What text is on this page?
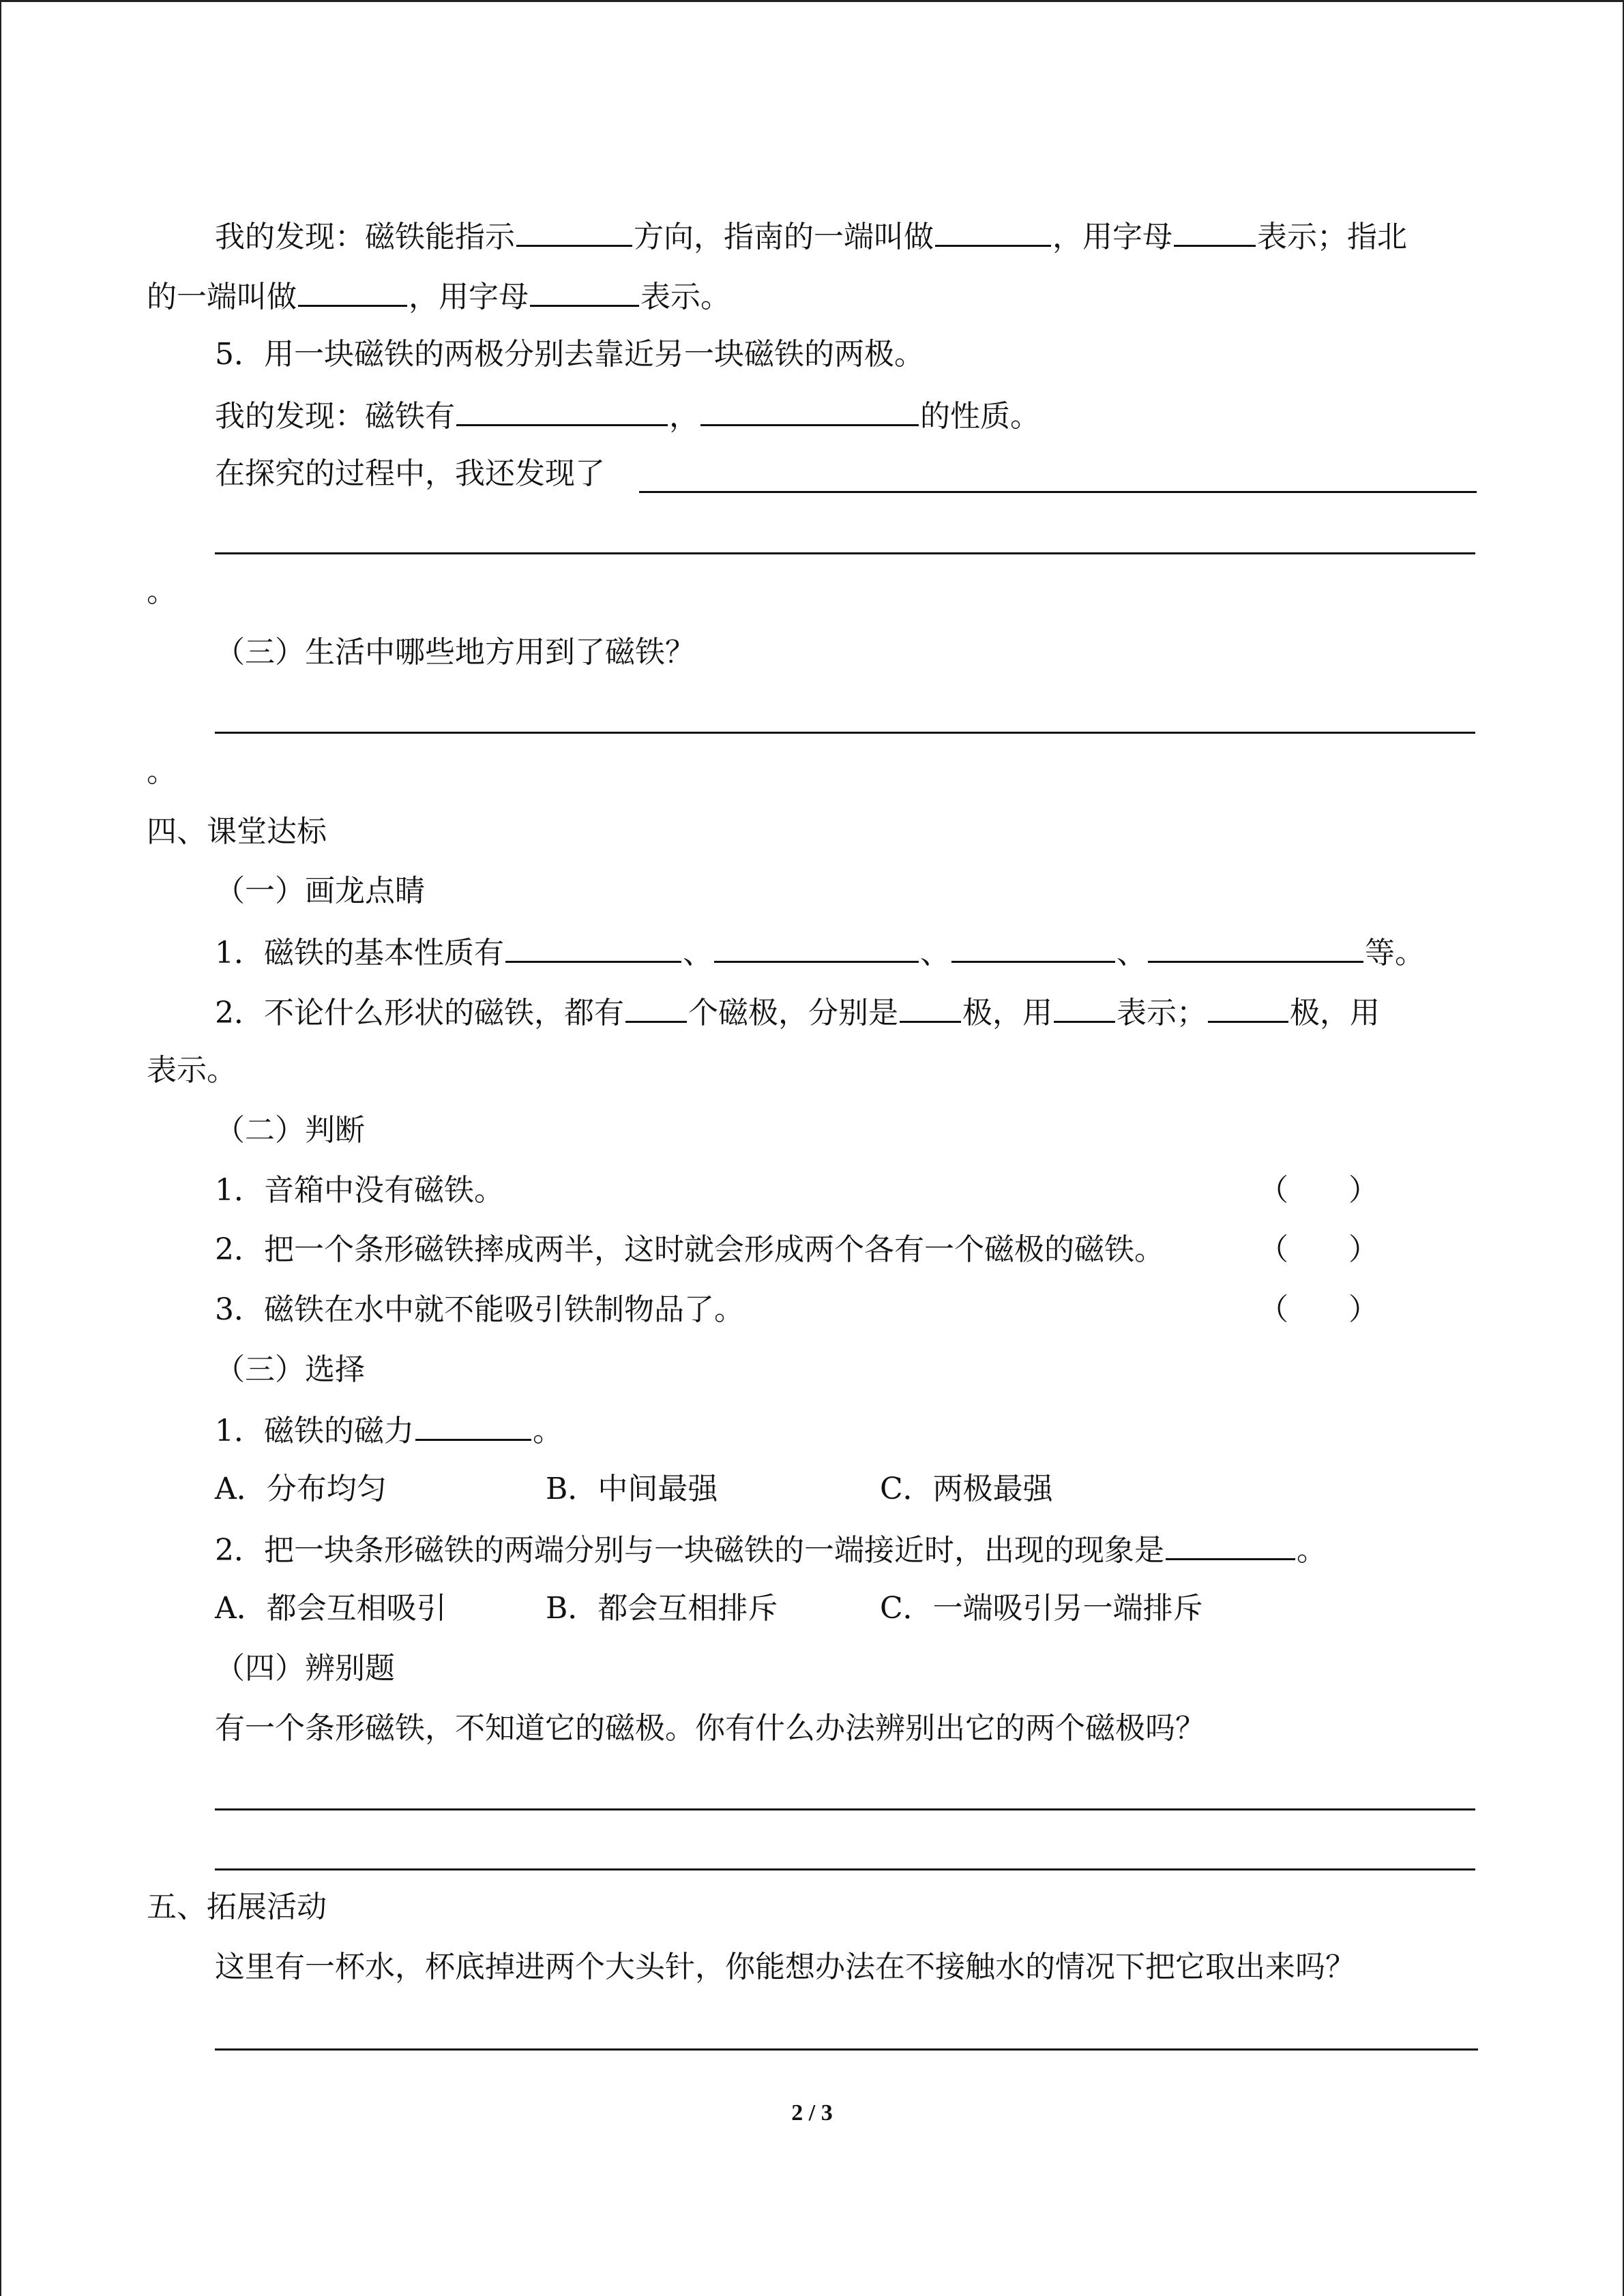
我的发现：磁铁能指示	方向，指南的一端叫做	，用字母	表示；指北
的一端叫做	，用字母	表示。
5．用一块磁铁的两极分别去靠近另一块磁铁的两极。
我的发现：磁铁有	，	的性质。
在探究的过程中，我还发现了
。
（三）生活中哪些地方用到了磁铁？
。
四、课堂达标
（一）画龙点睛
1．磁铁的基本性质有	、	、	、	等。
2．不论什么形状的磁铁，都有 个磁极，分别是 极，用 表示；	极，用
表示。
（二）判断
1．音箱中没有磁铁。	（　　）
2．把一个条形磁铁摔成两半，这时就会形成两个各有一个磁极的磁铁。	（　　）
3．磁铁在水中就不能吸引铁制物品了。	（　　）
（三）选择
1．磁铁的磁力	。
A．分布均匀	B．中间最强	C．两极最强
2．把一块条形磁铁的两端分别与一块磁铁的一端接近时，出现的现象是	。
A．都会互相吸引	B．都会互相排斥	C．一端吸引另一端排斥
（四）辨别题
有一个条形磁铁，不知道它的磁极。你有什么办法辨别出它的两个磁极吗？
五、拓展活动
这里有一杯水，杯底掉进两个大头针，你能想办法在不接触水的情况下把它取出来吗？
2 / 3
